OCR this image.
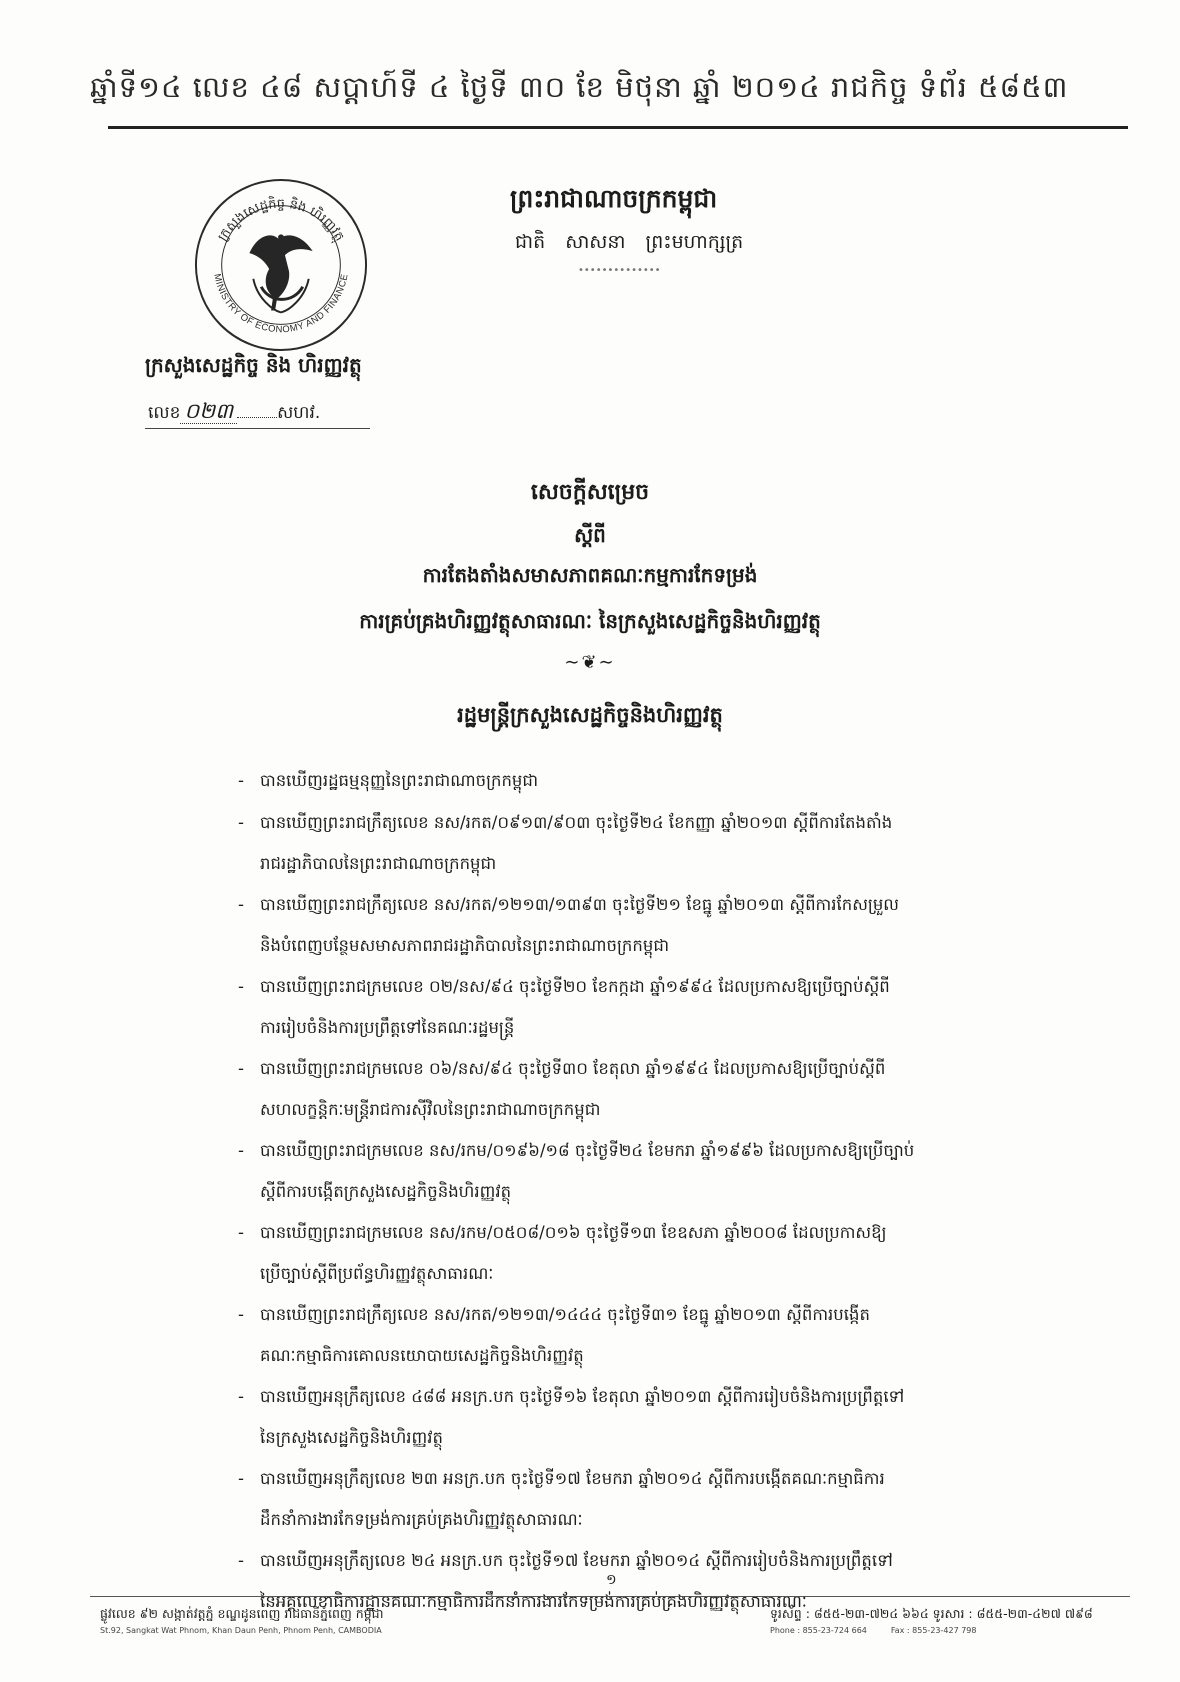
ឆ្នាំទី១៤ លេខ ៤៨ សប្តាហ៍ទី ៤ ថ្ងៃទី ៣០ ខែ មិថុនា ឆ្នាំ ២០១៤ រាជកិច្ច ទំព័រ ៥៨៥៣
ក្រសួងសេដ្ឋកិច្ច និង ហិរញ្ញវត្ថុ
MINISTRY OF ECONOMY AND FINANCE
ក្រសួងសេដ្ឋកិច្ច និង ហិរញ្ញវត្ថុ
លេខ ០២៣	សហវ.
ព្រះរាជាណាចក្រកម្ពុជា
ជាតិ សាសនា ព្រះមហាក្សត្រ
••••••••••••••
សេចក្តីសម្រេច
ស្តីពី
ការតែងតាំងសមាសភាពគណៈកម្មការកែទម្រង់
ការគ្រប់គ្រងហិរញ្ញវត្ថុសាធារណៈ នៃក្រសួងសេដ្ឋកិច្ចនិងហិរញ្ញវត្ថុ
∼❦∼
រដ្ឋមន្ត្រីក្រសួងសេដ្ឋកិច្ចនិងហិរញ្ញវត្ថុ
- បានឃើញរដ្ឋធម្មនុញ្ញនៃព្រះរាជាណាចក្រកម្ពុជា
- បានឃើញព្រះរាជក្រឹត្យលេខ នស/រកត/០៩១៣/៩០៣ ចុះថ្ងៃទី២៤ ខែកញ្ញា ឆ្នាំ២០១៣ ស្តីពីការតែងតាំង
រាជរដ្ឋាភិបាលនៃព្រះរាជាណាចក្រកម្ពុជា
- បានឃើញព្រះរាជក្រឹត្យលេខ នស/រកត/១២១៣/១៣៩៣ ចុះថ្ងៃទី២១ ខែធ្នូ ឆ្នាំ២០១៣ ស្តីពីការកែសម្រួល
និងបំពេញបន្ថែមសមាសភាពរាជរដ្ឋាភិបាលនៃព្រះរាជាណាចក្រកម្ពុជា
- បានឃើញព្រះរាជក្រមលេខ ០២/នស/៩៤ ចុះថ្ងៃទី២០ ខែកក្កដា ឆ្នាំ១៩៩៤ ដែលប្រកាសឱ្យប្រើច្បាប់ស្តីពី
ការរៀបចំនិងការប្រព្រឹត្តទៅនៃគណៈរដ្ឋមន្ត្រី
- បានឃើញព្រះរាជក្រមលេខ ០៦/នស/៩៤ ចុះថ្ងៃទី៣០ ខែតុលា ឆ្នាំ១៩៩៤ ដែលប្រកាសឱ្យប្រើច្បាប់ស្តីពី
សហលក្ខន្តិកៈមន្ត្រីរាជការស៊ីវិលនៃព្រះរាជាណាចក្រកម្ពុជា
- បានឃើញព្រះរាជក្រមលេខ នស/រកម/០១៩៦/១៨ ចុះថ្ងៃទី២៤ ខែមករា ឆ្នាំ១៩៩៦ ដែលប្រកាសឱ្យប្រើច្បាប់
ស្តីពីការបង្កើតក្រសួងសេដ្ឋកិច្ចនិងហិរញ្ញវត្ថុ
- បានឃើញព្រះរាជក្រមលេខ នស/រកម/០៥០៨/០១៦ ចុះថ្ងៃទី១៣ ខែឧសភា ឆ្នាំ២០០៨ ដែលប្រកាសឱ្យ
ប្រើច្បាប់ស្តីពីប្រព័ន្ធហិរញ្ញវត្ថុសាធារណៈ
- បានឃើញព្រះរាជក្រឹត្យលេខ នស/រកត/១២១៣/១៤៤៤ ចុះថ្ងៃទី៣១ ខែធ្នូ ឆ្នាំ២០១៣ ស្តីពីការបង្កើត
គណៈកម្មាធិការគោលនយោបាយសេដ្ឋកិច្ចនិងហិរញ្ញវត្ថុ
- បានឃើញអនុក្រឹត្យលេខ ៤៨៨ អនក្រ.បក ចុះថ្ងៃទី១៦ ខែតុលា ឆ្នាំ២០១៣ ស្តីពីការរៀបចំនិងការប្រព្រឹត្តទៅ
នៃក្រសួងសេដ្ឋកិច្ចនិងហិរញ្ញវត្ថុ
- បានឃើញអនុក្រឹត្យលេខ ២៣ អនក្រ.បក ចុះថ្ងៃទី១៧ ខែមករា ឆ្នាំ២០១៤ ស្តីពីការបង្កើតគណៈកម្មាធិការ
ដឹកនាំការងារកែទម្រង់ការគ្រប់គ្រងហិរញ្ញវត្ថុសាធារណៈ
- បានឃើញអនុក្រឹត្យលេខ ២៤ អនក្រ.បក ចុះថ្ងៃទី១៧ ខែមករា ឆ្នាំ២០១៤ ស្តីពីការរៀបចំនិងការប្រព្រឹត្តទៅ
នៃអគ្គលេខាធិការដ្ឋានគណៈកម្មាធិការដឹកនាំការងារកែទម្រង់ការគ្រប់គ្រងហិរញ្ញវត្ថុសាធារណៈ
១
ផ្លូវលេខ ៩២ សង្កាត់វត្តភ្នំ ខណ្ឌដូនពេញ រាជធានីភ្នំពេញ កម្ពុជា
St.92, Sangkat Wat Phnom, Khan Daun Penh, Phnom Penh, CAMBODIA
ទូរស័ព្ទ : ៨៥៥-២៣-៧២៤ ៦៦៤ ទូរសារ : ៨៥៥-២៣-៤២៧ ៧៩៨
Phone : 855-23-724 664	Fax : 855-23-427 798
